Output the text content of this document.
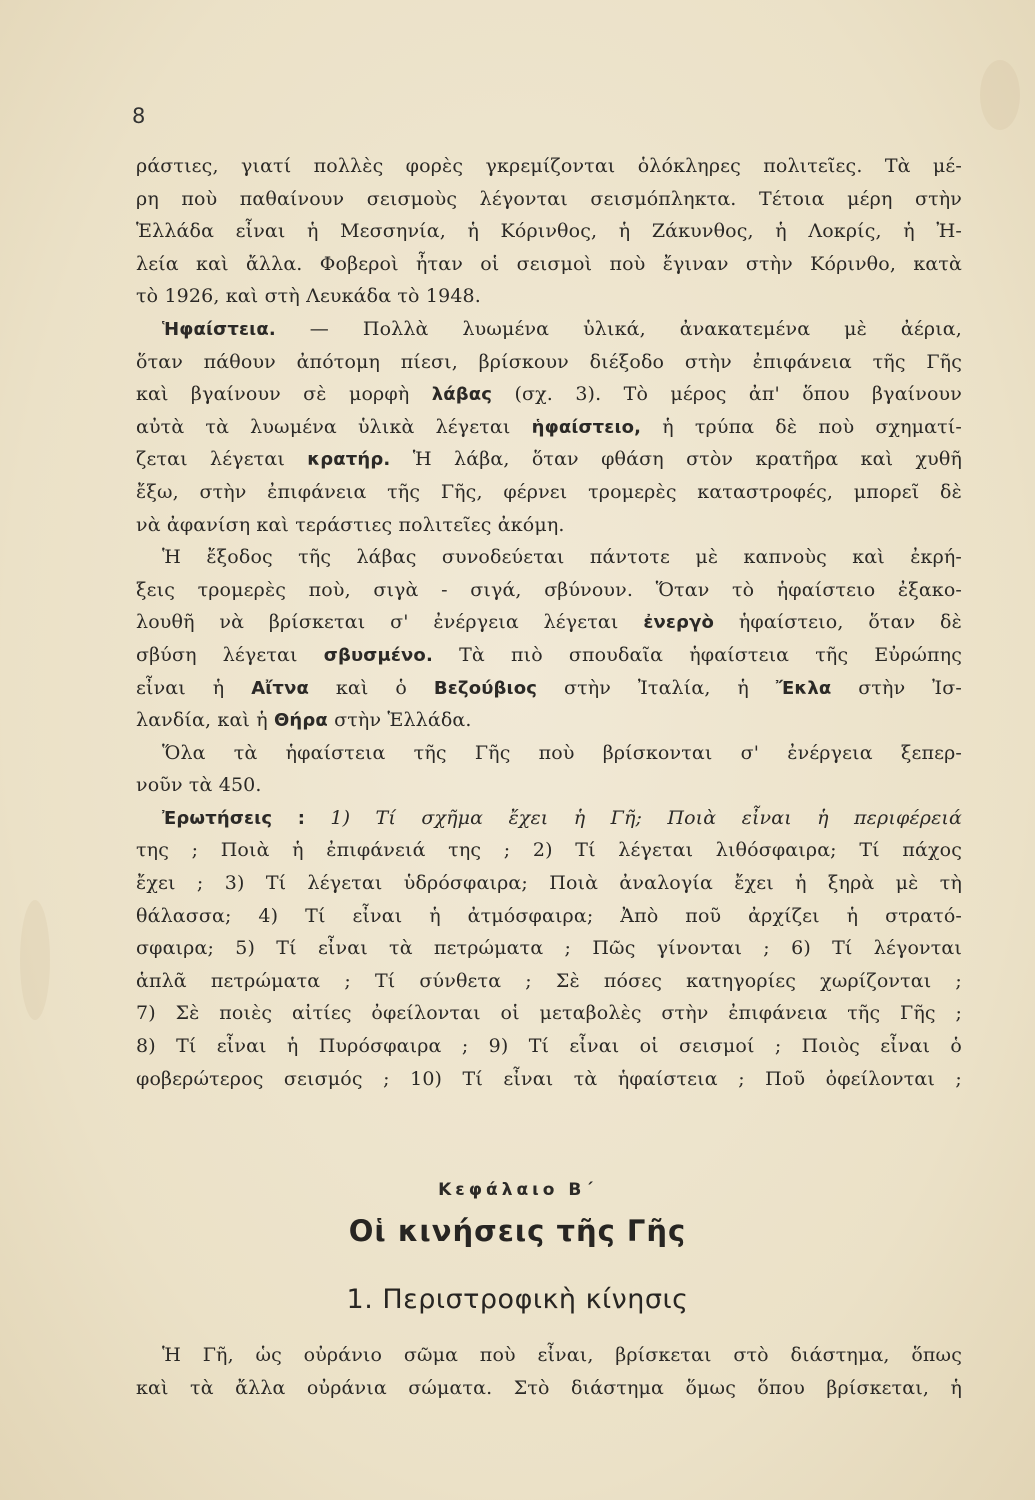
8
ράστιες, γιατί πολλὲς φορὲς γκρεμίζονται ὁλόκληρες πολιτεῖες. Τὰ μέ-
ρη ποὺ παθαίνουν σεισμοὺς λέγονται σεισμόπληκτα. Τέτοια μέρη στὴν
Ἑλλάδα εἶναι ἡ Μεσσηνία, ἡ Κόρινθος, ἡ Ζάκυνθος, ἡ Λοκρίς, ἡ Ἠ-
λεία καὶ ἄλλα. Φοβεροὶ ἦταν οἱ σεισμοὶ ποὺ ἔγιναν στὴν Κόρινθο, κατὰ
τὸ 1926, καὶ στὴ Λευκάδα τὸ 1948.
Ἡφαίστεια. — Πολλὰ λυωμένα ὑλικά, ἀνακατεμένα μὲ ἀέρια,
ὅταν πάθουν ἀπότομη πίεσι, βρίσκουν διέξοδο στὴν ἐπιφάνεια τῆς Γῆς
καὶ βγαίνουν σὲ μορφὴ λάβας (σχ. 3). Τὸ μέρος ἀπ' ὅπου βγαίνουν
αὐτὰ τὰ λυωμένα ὑλικὰ λέγεται ἡφαίστειο, ἡ τρύπα δὲ ποὺ σχηματί-
ζεται λέγεται κρατήρ. Ἡ λάβα, ὅταν φθάση στὸν κρατῆρα καὶ χυθῆ
ἔξω, στὴν ἐπιφάνεια τῆς Γῆς, φέρνει τρομερὲς καταστροφές, μπορεῖ δὲ
νὰ ἀφανίση καὶ τεράστιες πολιτεῖες ἀκόμη.
Ἡ ἔξοδος τῆς λάβας συνοδεύεται πάντοτε μὲ καπνοὺς καὶ ἐκρή-
ξεις τρομερὲς ποὺ, σιγὰ - σιγά, σβύνουν. Ὅταν τὸ ἡφαίστειο ἐξακο-
λουθῆ νὰ βρίσκεται σ' ἐνέργεια λέγεται ἐνεργὸ ἡφαίστειο, ὅταν δὲ
σβύση λέγεται σβυσμένο. Τὰ πιὸ σπουδαῖα ἡφαίστεια τῆς Εὐρώπης
εἶναι ἡ Αἴτνα καὶ ὁ Βεζούβιος στὴν Ἰταλία, ἡ Ἔκλα στὴν Ἰσ-
λανδία, καὶ ἡ Θήρα στὴν Ἑλλάδα.
Ὅλα τὰ ἡφαίστεια τῆς Γῆς ποὺ βρίσκονται σ' ἐνέργεια ξεπερ-
νοῦν τὰ 450.
Ἐρωτήσεις : 1) Τί σχῆμα ἔχει ἡ Γῆ; Ποιὰ εἶναι ἡ περιφέρειά
της ; Ποιὰ ἡ ἐπιφάνειά της ; 2) Τί λέγεται λιθόσφαιρα; Τί πάχος
ἔχει ; 3) Τί λέγεται ὑδρόσφαιρα; Ποιὰ ἀναλογία ἔχει ἡ ξηρὰ μὲ τὴ
θάλασσα; 4) Τί εἶναι ἡ ἀτμόσφαιρα; Ἀπὸ ποῦ ἀρχίζει ἡ στρατό-
σφαιρα; 5) Τί εἶναι τὰ πετρώματα ; Πῶς γίνονται ; 6) Τί λέγονται
ἁπλᾶ πετρώματα ; Τί σύνθετα ; Σὲ πόσες κατηγορίες χωρίζονται ;
7) Σὲ ποιὲς αἰτίες ὀφείλονται οἱ μεταβολὲς στὴν ἐπιφάνεια τῆς Γῆς ;
8) Τί εἶναι ἡ Πυρόσφαιρα ; 9) Τί εἶναι οἱ σεισμοί ; Ποιὸς εἶναι ὁ
φοβερώτερος σεισμός ; 10) Τί εἶναι τὰ ἡφαίστεια ; Ποῦ ὀφείλονται ;
Κεφάλαιο Β΄
Οἱ κινήσεις τῆς Γῆς
1. Περιστροφικὴ κίνησις
Ἡ Γῆ, ὡς οὐράνιο σῶμα ποὺ εἶναι, βρίσκεται στὸ διάστημα, ὅπως
καὶ τὰ ἄλλα οὐράνια σώματα. Στὸ διάστημα ὅμως ὅπου βρίσκεται, ἡ
